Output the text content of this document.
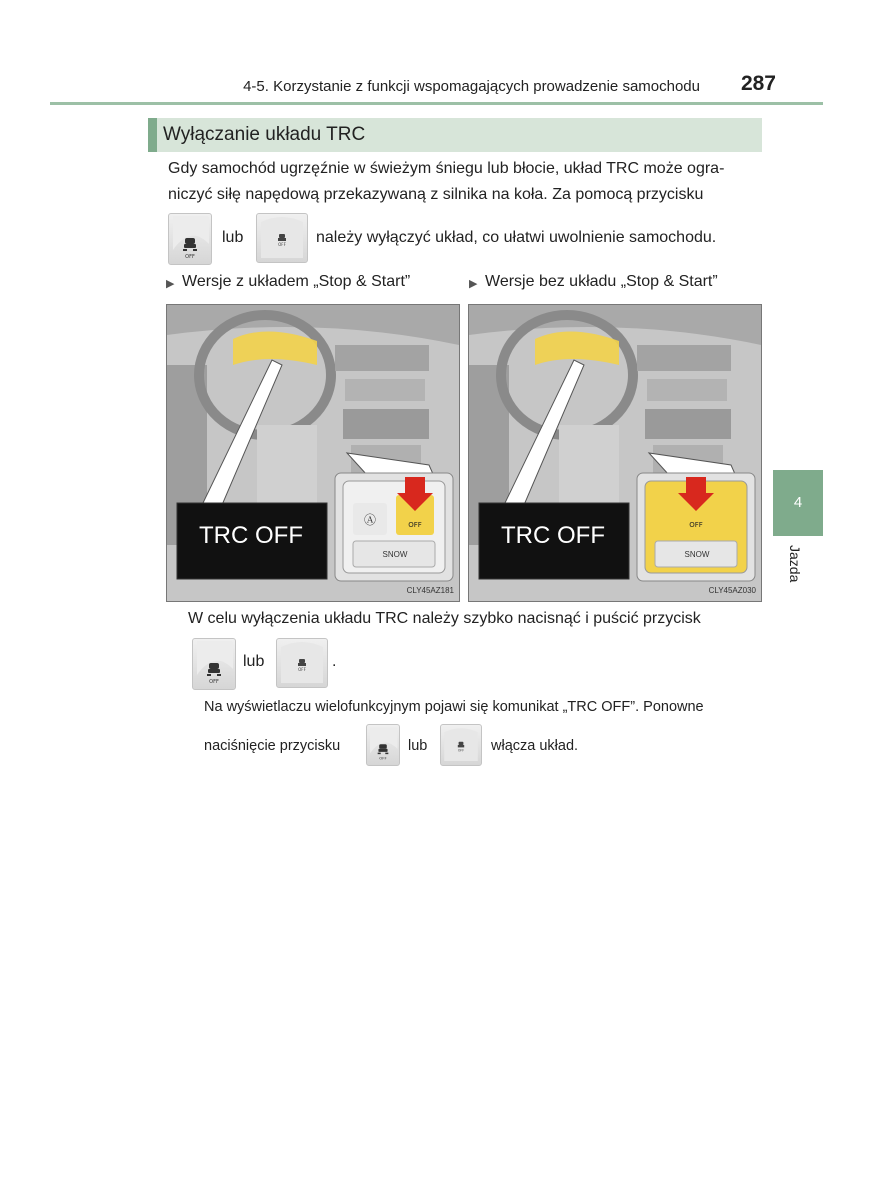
4-5. Korzystanie z funkcji wspomagających prowadzenie samochodu	287
Wyłączanie układu TRC
Gdy samochód ugrzęźnie w świeżym śniegu lub błocie, układ TRC może ogra-
niczyć siłę napędową przekazywaną z silnika na koła. Za pomocą przycisku
OFF
lub	OFF należy wyłączyć układ, co ułatwi uwolnienie samochodu.
▶ Wersje z układem „Stop & Start”	▶ Wersje bez układu „Stop & Start”
Ⓐ	OFF
TRC OFF
SNOW
CLY45AZ181
OFF
TRC OFF
SNOW
CLY45AZ030
4
Jazda
W celu wyłączenia układu TRC należy szybko nacisnąć i puścić przycisk
OFF
lub	OFF .
Na wyświetlaczu wielofunkcyjnym pojawi się komunikat „TRC OFF”. Ponowne
naciśnięcie przycisku
OFF
lub	OFF włącza układ.
